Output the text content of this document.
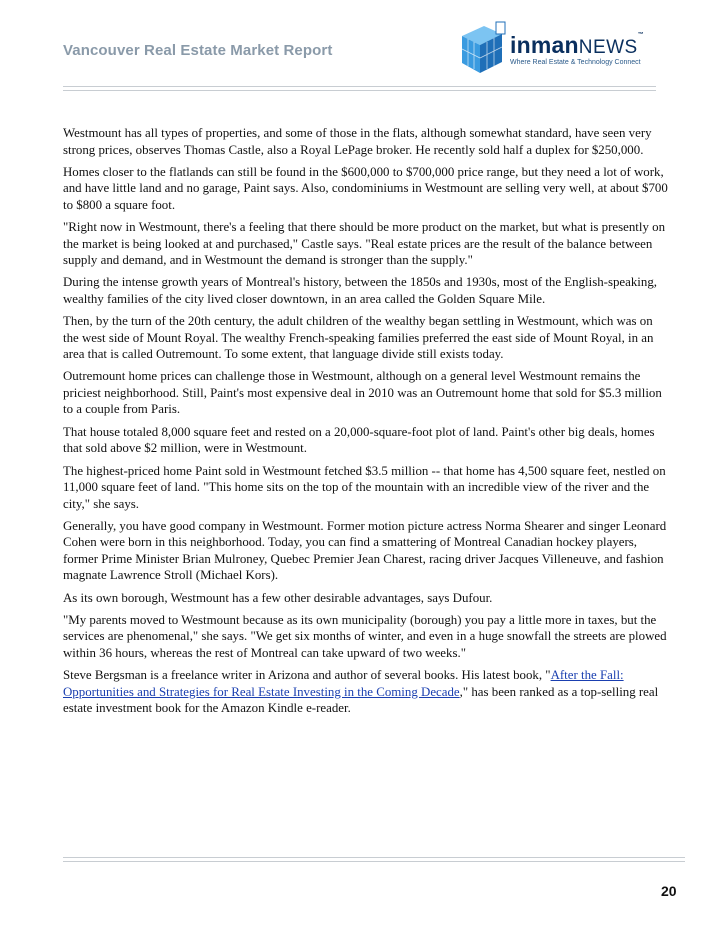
Vancouver Real Estate Market Report	inmanNEWS™
Where Real Estate & Technology Connect

Westmount has all types of properties, and some of those in the flats, although somewhat standard, have seen very strong prices, observes Thomas Castle, also a Royal LePage broker. He recently sold half a duplex for $250,000.

Homes closer to the flatlands can still be found in the $600,000 to $700,000 price range, but they need a lot of work, and have little land and no garage, Paint says. Also, condominiums in Westmount are selling very well, at about $700 to $800 a square foot.

"Right now in Westmount, there's a feeling that there should be more product on the market, but what is presently on the market is being looked at and purchased," Castle says. "Real estate prices are the result of the balance between supply and demand, and in Westmount the demand is stronger than the supply."

During the intense growth years of Montreal's history, between the 1850s and 1930s, most of the English-speaking, wealthy families of the city lived closer downtown, in an area called the Golden Square Mile.

Then, by the turn of the 20th century, the adult children of the wealthy began settling in Westmount, which was on the west side of Mount Royal. The wealthy French-speaking families preferred the east side of Mount Royal, in an area that is called Outremount. To some extent, that language divide still exists today.

Outremount home prices can challenge those in Westmount, although on a general level Westmount remains the priciest neighborhood. Still, Paint's most expensive deal in 2010 was an Outremount home that sold for $5.3 million to a couple from Paris.

That house totaled 8,000 square feet and rested on a 20,000-square-foot plot of land. Paint's other big deals, homes that sold above $2 million, were in Westmount.

The highest-priced home Paint sold in Westmount fetched $3.5 million -- that home has 4,500 square feet, nestled on 11,000 square feet of land. "This home sits on the top of the mountain with an incredible view of the river and the city," she says.

Generally, you have good company in Westmount. Former motion picture actress Norma Shearer and singer Leonard Cohen were born in this neighborhood. Today, you can find a smattering of Montreal Canadian hockey players, former Prime Minister Brian Mulroney, Quebec Premier Jean Charest, racing driver Jacques Villeneuve, and fashion magnate Lawrence Stroll (Michael Kors).

As its own borough, Westmount has a few other desirable advantages, says Dufour.

"My parents moved to Westmount because as its own municipality (borough) you pay a little more in taxes, but the services are phenomenal," she says. "We get six months of winter, and even in a huge snowfall the streets are plowed within 36 hours, whereas the rest of Montreal can take upward of two weeks."

Steve Bergsman is a freelance writer in Arizona and author of several books. His latest book, "After the Fall: Opportunities and Strategies for Real Estate Investing in the Coming Decade," has been ranked as a top-selling real estate investment book for the Amazon Kindle e-reader.

20
